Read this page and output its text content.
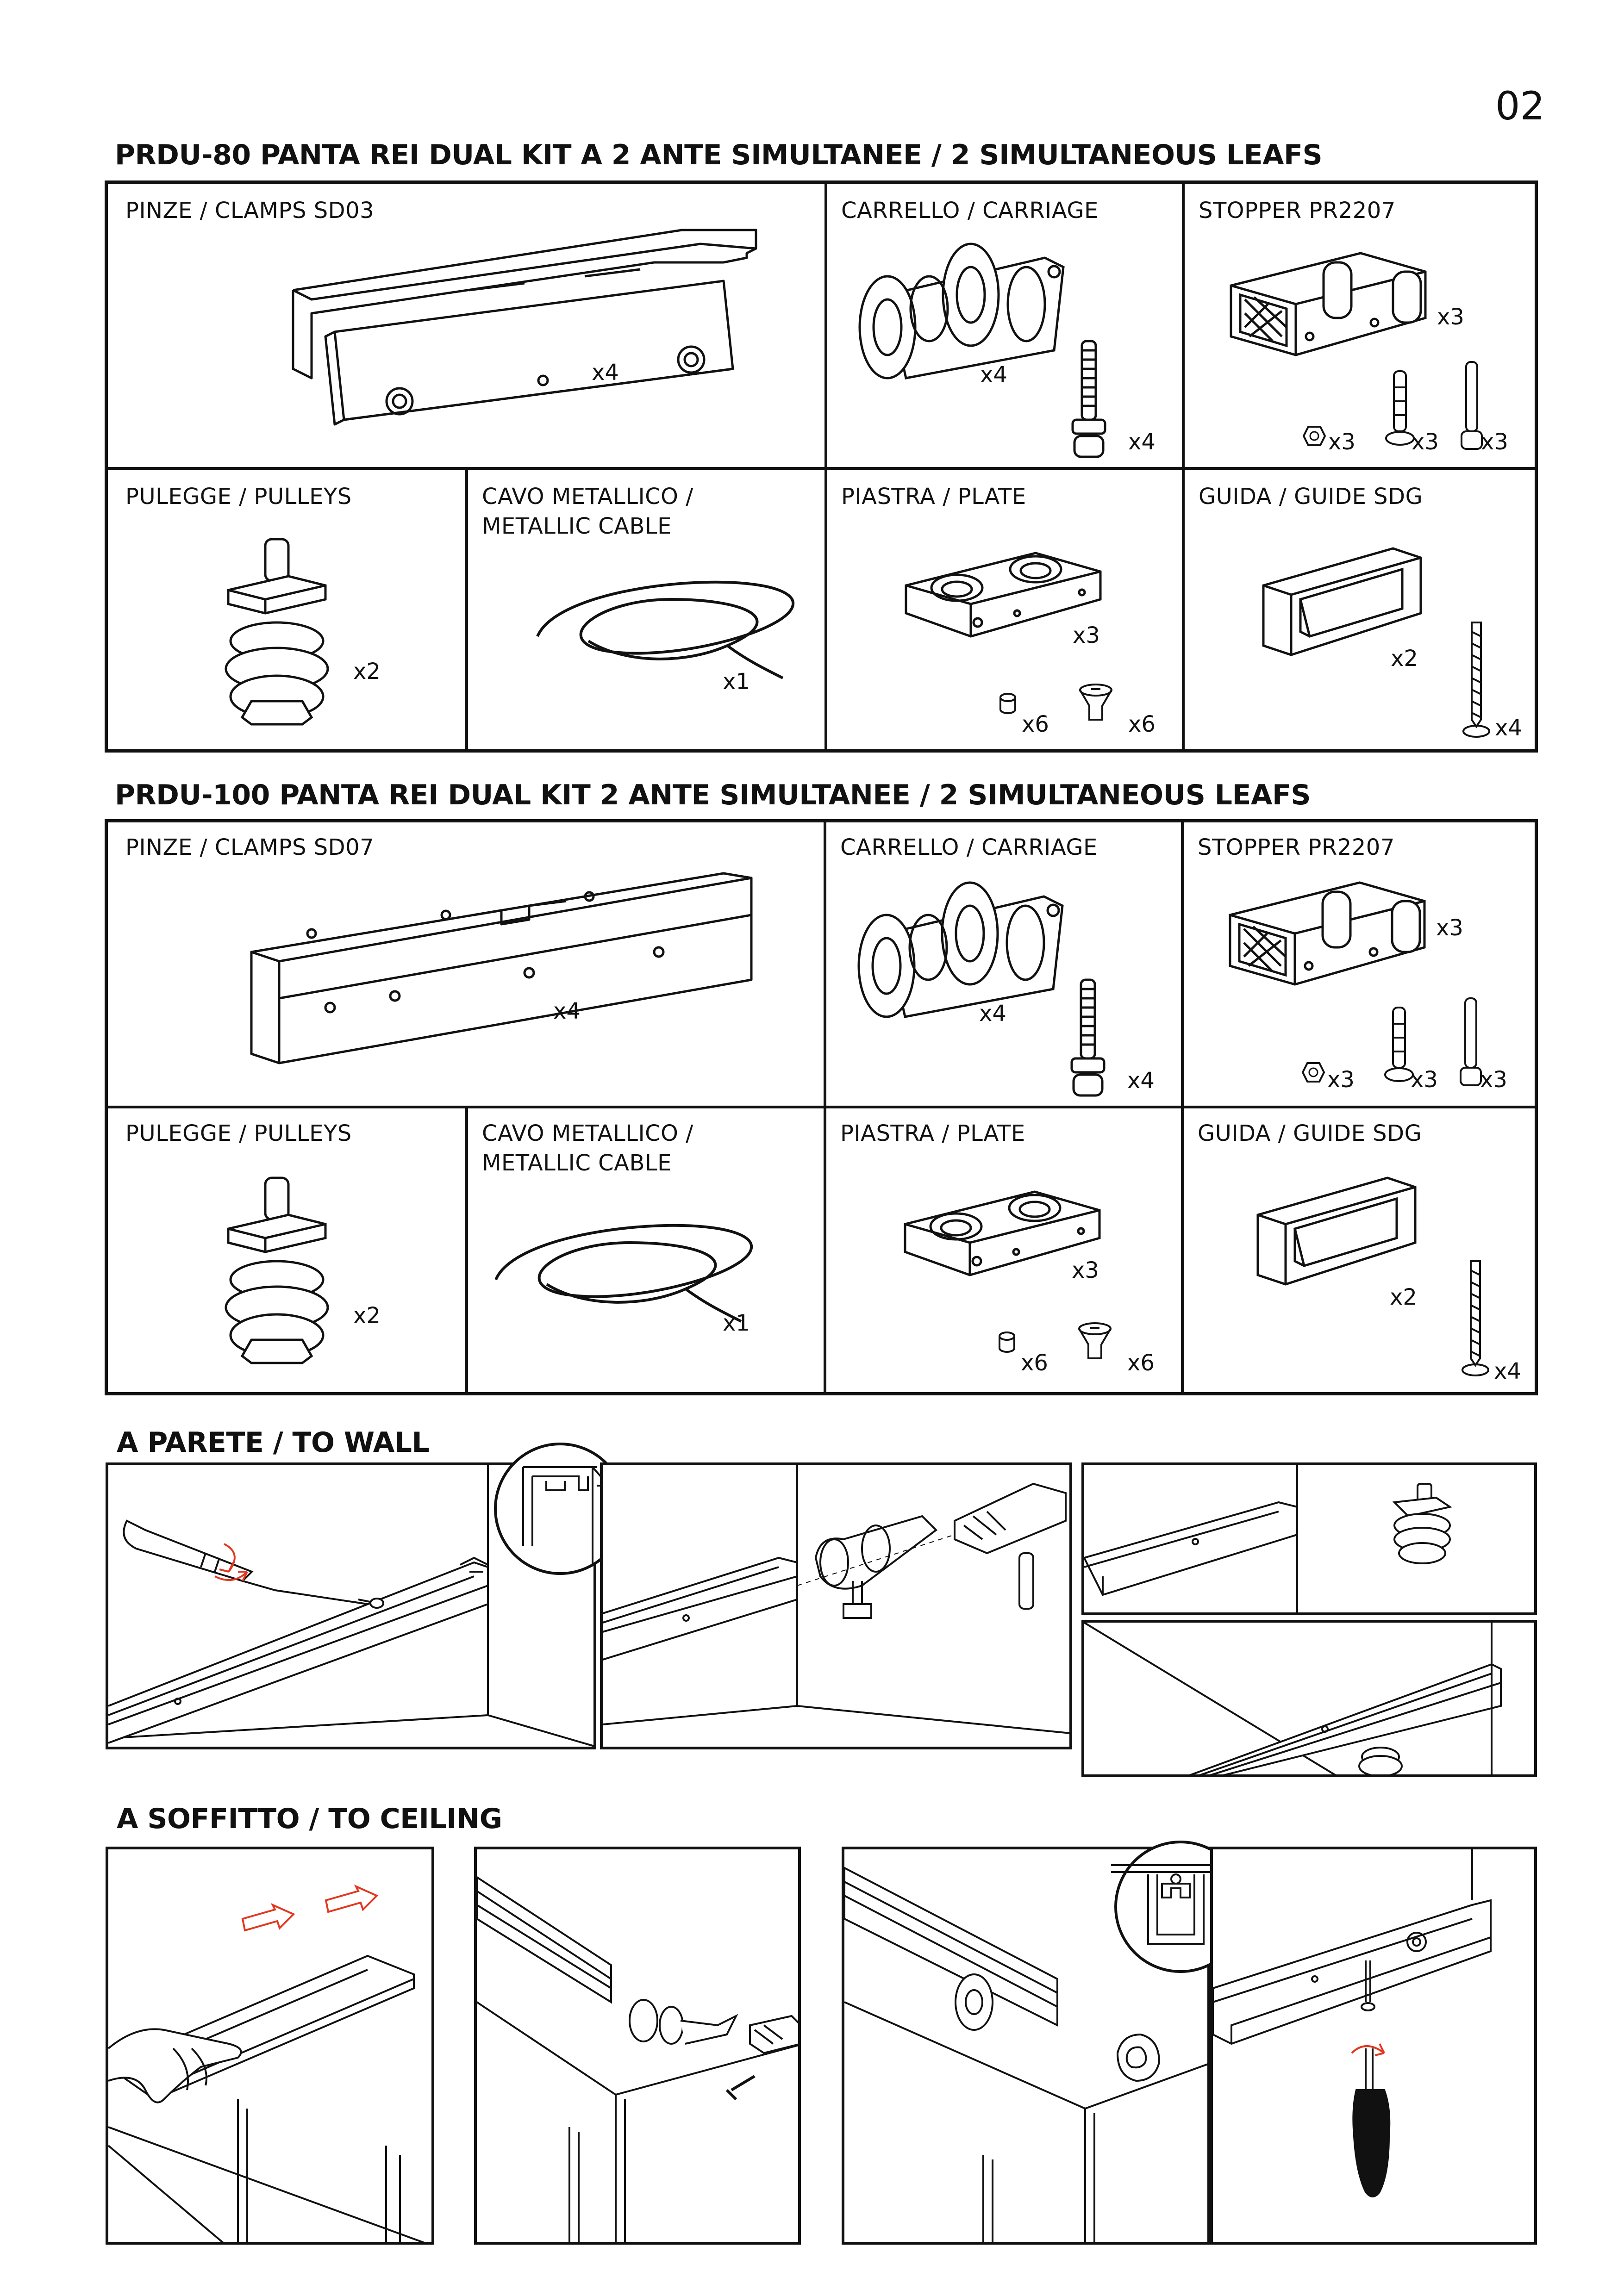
02
PRDU-80 PANTA REI DUAL KIT A 2 ANTE SIMULTANEE / 2 SIMULTANEOUS LEAFS
PINZE / CLAMPS SD03
x4
CARRELLO / CARRIAGE
x4
x4
STOPPER PR2207
x3
x3	x3 x3
PULEGGE / PULLEYS
x2
CAVO METALLICO /
METALLIC CABLE
x1
PIASTRA / PLATE
x3
x6	x6
GUIDA / GUIDE SDG
x2
x4
PRDU-100 PANTA REI DUAL KIT 2 ANTE SIMULTANEE / 2 SIMULTANEOUS LEAFS
PINZE / CLAMPS SD07
x4
CARRELLO / CARRIAGE
x4
x4
STOPPER PR2207
x3
x3	x3 x3
PULEGGE / PULLEYS
x2
CAVO METALLICO /
METALLIC CABLE
x1
PIASTRA / PLATE
x3
x6	x6
GUIDA / GUIDE SDG
x2
x4
A PARETE / TO WALL
A SOFFITTO / TO CEILING
